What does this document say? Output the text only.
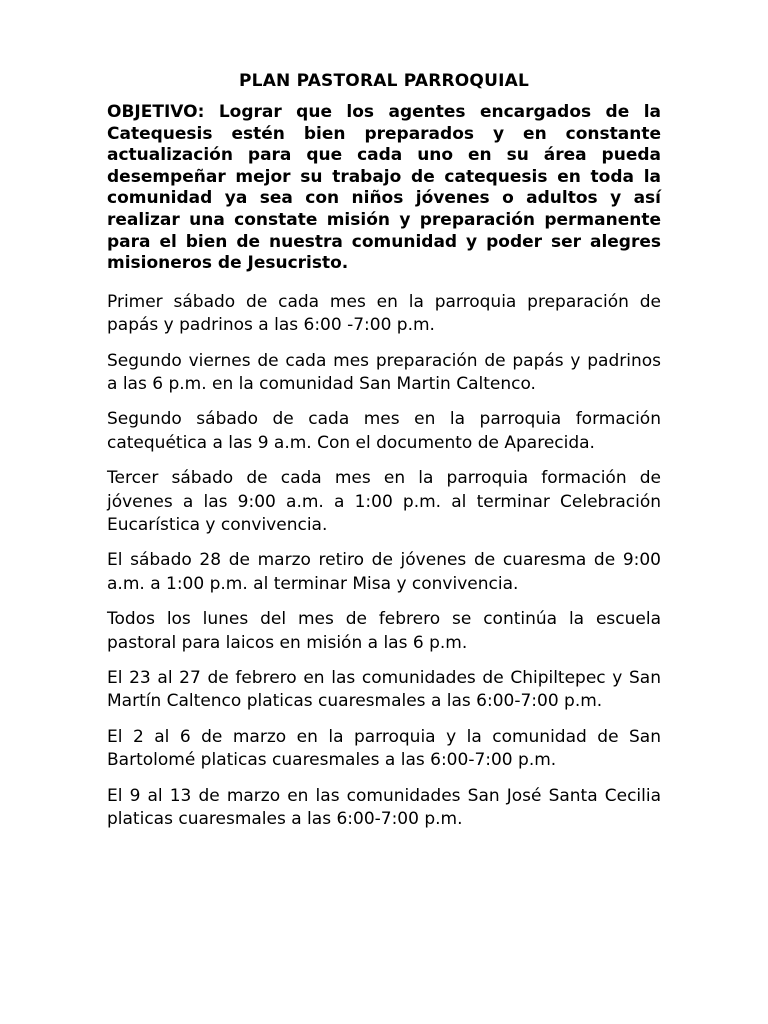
PLAN PASTORAL PARROQUIAL

OBJETIVO: Lograr que los agentes encargados de la Catequesis estén bien preparados y en constante actualización para que cada uno en su área pueda desempeñar mejor su trabajo de catequesis en toda la comunidad ya sea con niños jóvenes o adultos y así realizar una constate misión y preparación permanente para el bien de nuestra comunidad y poder ser alegres misioneros de Jesucristo.

Primer sábado de cada mes en la parroquia preparación de papás y padrinos a las 6:00 -7:00 p.m.

Segundo viernes de cada mes preparación de papás y padrinos a las 6 p.m. en la comunidad San Martin Caltenco.

Segundo sábado de cada mes en la parroquia formación catequética a las 9 a.m. Con el documento de Aparecida.

Tercer sábado de cada mes en la parroquia formación de jóvenes a las 9:00 a.m. a 1:00 p.m. al terminar Celebración Eucarística y convivencia.

El sábado 28 de marzo retiro de jóvenes de cuaresma de 9:00 a.m. a 1:00 p.m. al terminar Misa y convivencia.

Todos los lunes del mes de febrero se continúa la escuela pastoral para laicos en misión a las 6 p.m.

El 23 al 27 de febrero en las comunidades de Chipiltepec y San Martín Caltenco platicas cuaresmales a las 6:00-7:00 p.m.

El 2 al 6 de marzo en la parroquia y la comunidad de San Bartolomé platicas cuaresmales a las 6:00-7:00 p.m.

El 9 al 13 de marzo en las comunidades San José Santa Cecilia platicas cuaresmales a las 6:00-7:00 p.m.
